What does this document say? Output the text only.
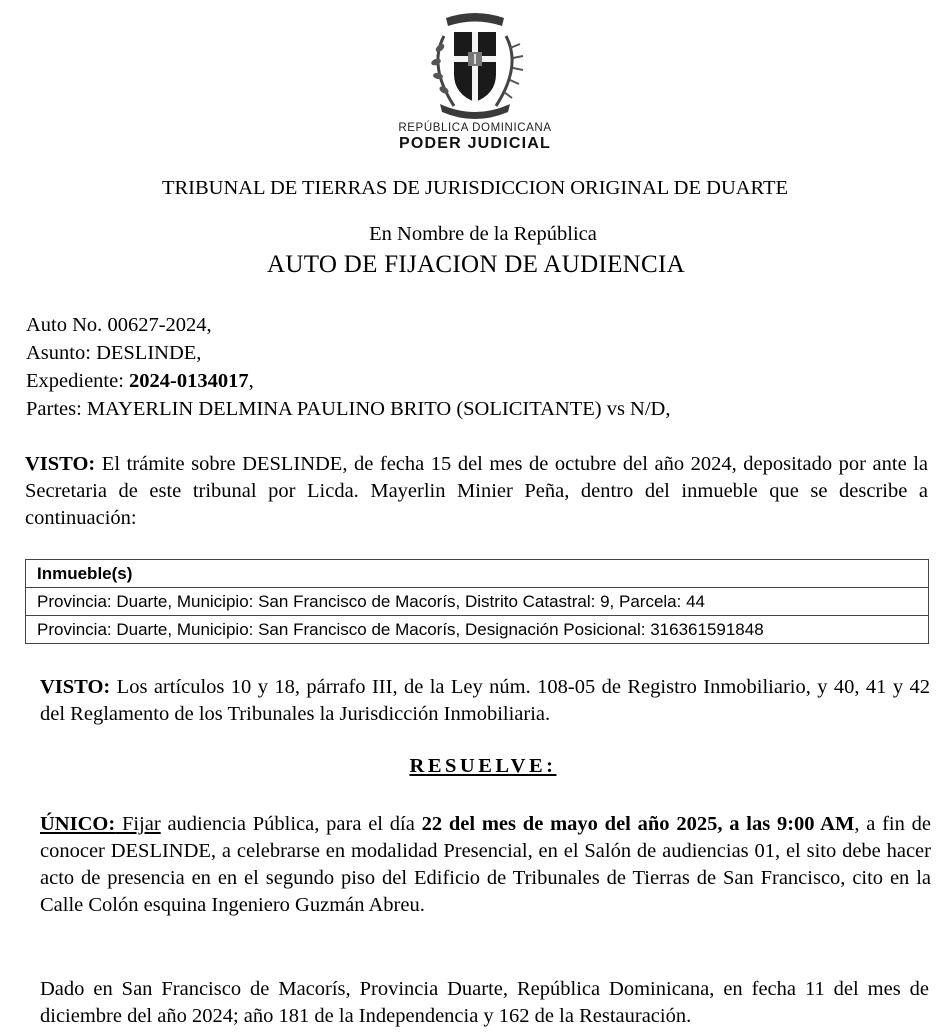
REPÚBLICA DOMINICANA
PODER JUDICIAL
TRIBUNAL DE TIERRAS DE JURISDICCION ORIGINAL DE DUARTE
En Nombre de la República
AUTO DE FIJACION DE AUDIENCIA
Auto No. 00627-2024,
Asunto: DESLINDE,
Expediente: 2024-0134017,
Partes: MAYERLIN DELMINA PAULINO BRITO (SOLICITANTE) vs N/D,
VISTO: El trámite sobre DESLINDE, de fecha 15 del mes de octubre del año 2024, depositado por ante la Secretaria de este tribunal por Licda. Mayerlin Minier Peña, dentro del inmueble que se describe a continuación:
Inmueble(s)
Provincia: Duarte, Municipio: San Francisco de Macorís, Distrito Catastral: 9, Parcela: 44
Provincia: Duarte, Municipio: San Francisco de Macorís, Designación Posicional: 316361591848
VISTO: Los artículos 10 y 18, párrafo III, de la Ley núm. 108-05 de Registro Inmobiliario, y 40, 41 y 42 del Reglamento de los Tribunales la Jurisdicción Inmobiliaria.
RESUELVE:
ÚNICO: Fijar audiencia Pública, para el día 22 del mes de mayo del año 2025, a las 9:00 AM, a fin de conocer DESLINDE, a celebrarse en modalidad Presencial, en el Salón de audiencias 01, el sito debe hacer acto de presencia en en el segundo piso del Edificio de Tribunales de Tierras de San Francisco, cito en la Calle Colón esquina Ingeniero Guzmán Abreu.
Dado en San Francisco de Macorís, Provincia Duarte, República Dominicana, en fecha 11 del mes de diciembre del año 2024; año 181 de la Independencia y 162 de la Restauración.
